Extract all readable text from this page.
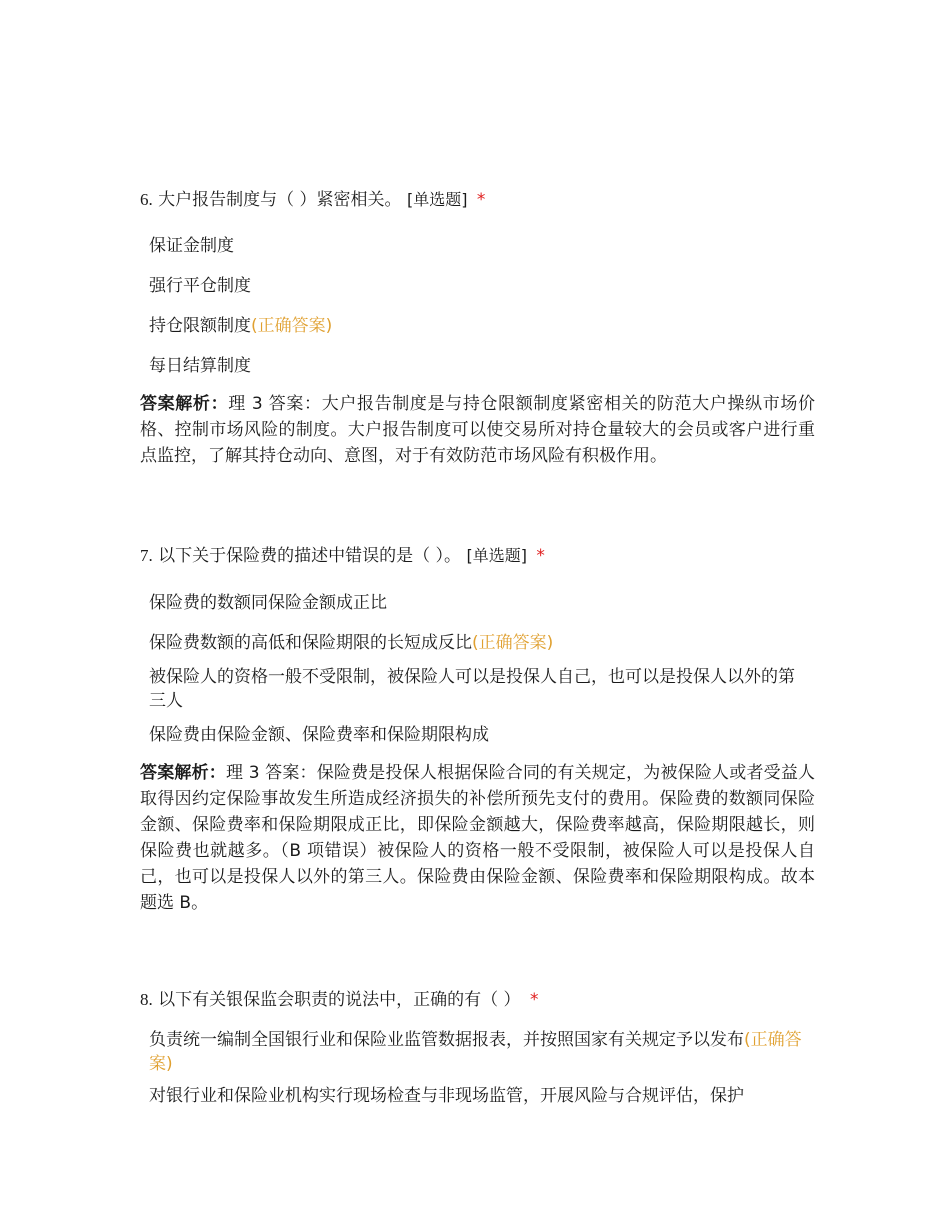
6. 大户报告制度与（ ）紧密相关。 [单选题] *
保证金制度
强行平仓制度
持仓限额制度(正确答案)
每日结算制度
答案解析：理 3 答案：大户报告制度是与持仓限额制度紧密相关的防范大户操纵市场价格、控制市场风险的制度。大户报告制度可以使交易所对持仓量较大的会员或客户进行重点监控，了解其持仓动向、意图，对于有效防范市场风险有积极作用。
7. 以下关于保险费的描述中错误的是（ ）。 [单选题] *
保险费的数额同保险金额成正比
保险费数额的高低和保险期限的长短成反比(正确答案)
被保险人的资格一般不受限制，被保险人可以是投保人自己，也可以是投保人以外的第三人
保险费由保险金额、保险费率和保险期限构成
答案解析：理 3 答案：保险费是投保人根据保险合同的有关规定，为被保险人或者受益人取得因约定保险事故发生所造成经济损失的补偿所预先支付的费用。保险费的数额同保险金额、保险费率和保险期限成正比，即保险金额越大，保险费率越高，保险期限越长，则保险费也就越多。（B 项错误）被保险人的资格一般不受限制，被保险人可以是投保人自己，也可以是投保人以外的第三人。保险费由保险金额、保险费率和保险期限构成。故本题选 B。
8. 以下有关银保监会职责的说法中，正确的有（ ） *
负责统一编制全国银行业和保险业监管数据报表，并按照国家有关规定予以发布(正确答案)
对银行业和保险业机构实行现场检查与非现场监管，开展风险与合规评估，保护
